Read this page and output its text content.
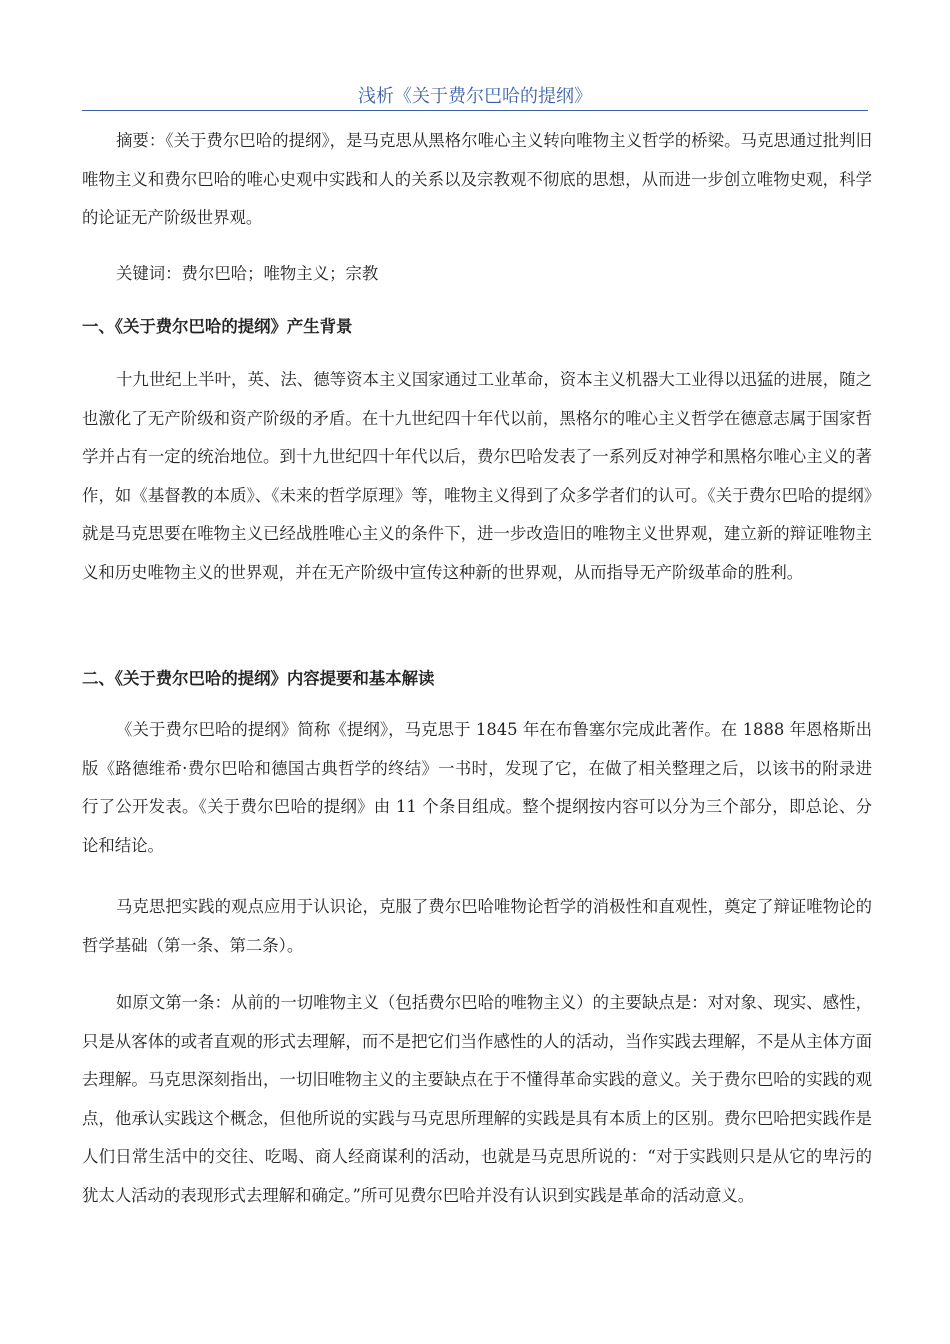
浅析《关于费尔巴哈的提纲》

摘要：《关于费尔巴哈的提纲》，是马克思从黑格尔唯心主义转向唯物主义哲学的桥梁。马克思通过批判旧唯物主义和费尔巴哈的唯心史观中实践和人的关系以及宗教观不彻底的思想，从而进一步创立唯物史观，科学的论证无产阶级世界观。

关键词：费尔巴哈；唯物主义；宗教

一、《关于费尔巴哈的提纲》产生背景

十九世纪上半叶，英、法、德等资本主义国家通过工业革命，资本主义机器大工业得以迅猛的进展，随之也激化了无产阶级和资产阶级的矛盾。在十九世纪四十年代以前，黑格尔的唯心主义哲学在德意志属于国家哲学并占有一定的统治地位。到十九世纪四十年代以后，费尔巴哈发表了一系列反对神学和黑格尔唯心主义的著作，如《基督教的本质》、《未来的哲学原理》等，唯物主义得到了众多学者们的认可。《关于费尔巴哈的提纲》就是马克思要在唯物主义已经战胜唯心主义的条件下，进一步改造旧的唯物主义世界观，建立新的辩证唯物主义和历史唯物主义的世界观，并在无产阶级中宣传这种新的世界观，从而指导无产阶级革命的胜利。

二、《关于费尔巴哈的提纲》内容提要和基本解读

《关于费尔巴哈的提纲》简称《提纲》，马克思于 1845 年在布鲁塞尔完成此著作。在 1888 年恩格斯出版《路德维希·费尔巴哈和德国古典哲学的终结》一书时，发现了它，在做了相关整理之后，以该书的附录进行了公开发表。《关于费尔巴哈的提纲》由 11 个条目组成。整个提纲按内容可以分为三个部分，即总论、分论和结论。

马克思把实践的观点应用于认识论，克服了费尔巴哈唯物论哲学的消极性和直观性，奠定了辩证唯物论的哲学基础（第一条、第二条）。

如原文第一条：从前的一切唯物主义（包括费尔巴哈的唯物主义）的主要缺点是：对对象、现实、感性，只是从客体的或者直观的形式去理解，而不是把它们当作感性的人的活动，当作实践去理解，不是从主体方面去理解。马克思深刻指出，一切旧唯物主义的主要缺点在于不懂得革命实践的意义。关于费尔巴哈的实践的观点，他承认实践这个概念，但他所说的实践与马克思所理解的实践是具有本质上的区别。费尔巴哈把实践作是人们日常生活中的交往、吃喝、商人经商谋利的活动，也就是马克思所说的：“对于实践则只是从它的卑污的犹太人活动的表现形式去理解和确定。”所可见费尔巴哈并没有认识到实践是革命的活动意义。
